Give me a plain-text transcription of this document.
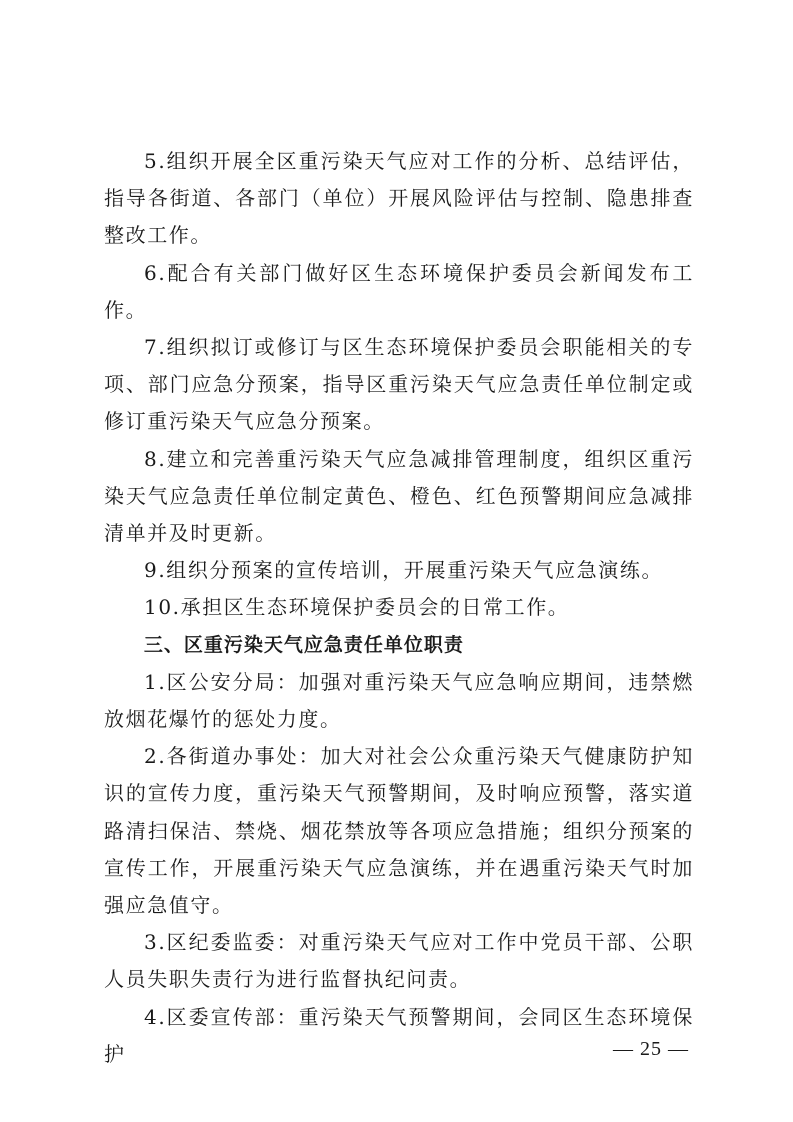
5.组织开展全区重污染天气应对工作的分析、总结评估，指导各街道、各部门（单位）开展风险评估与控制、隐患排查整改工作。

6.配合有关部门做好区生态环境保护委员会新闻发布工作。

7.组织拟订或修订与区生态环境保护委员会职能相关的专项、部门应急分预案，指导区重污染天气应急责任单位制定或修订重污染天气应急分预案。

8.建立和完善重污染天气应急减排管理制度，组织区重污染天气应急责任单位制定黄色、橙色、红色预警期间应急减排清单并及时更新。

9.组织分预案的宣传培训，开展重污染天气应急演练。

10.承担区生态环境保护委员会的日常工作。

三、区重污染天气应急责任单位职责

1.区公安分局：加强对重污染天气应急响应期间，违禁燃放烟花爆竹的惩处力度。

2.各街道办事处：加大对社会公众重污染天气健康防护知识的宣传力度，重污染天气预警期间，及时响应预警，落实道路清扫保洁、禁烧、烟花禁放等各项应急措施；组织分预案的宣传工作，开展重污染天气应急演练，并在遇重污染天气时加强应急值守。

3.区纪委监委：对重污染天气应对工作中党员干部、公职人员失职失责行为进行监督执纪问责。

4.区委宣传部：重污染天气预警期间，会同区生态环境保护	— 25 —
